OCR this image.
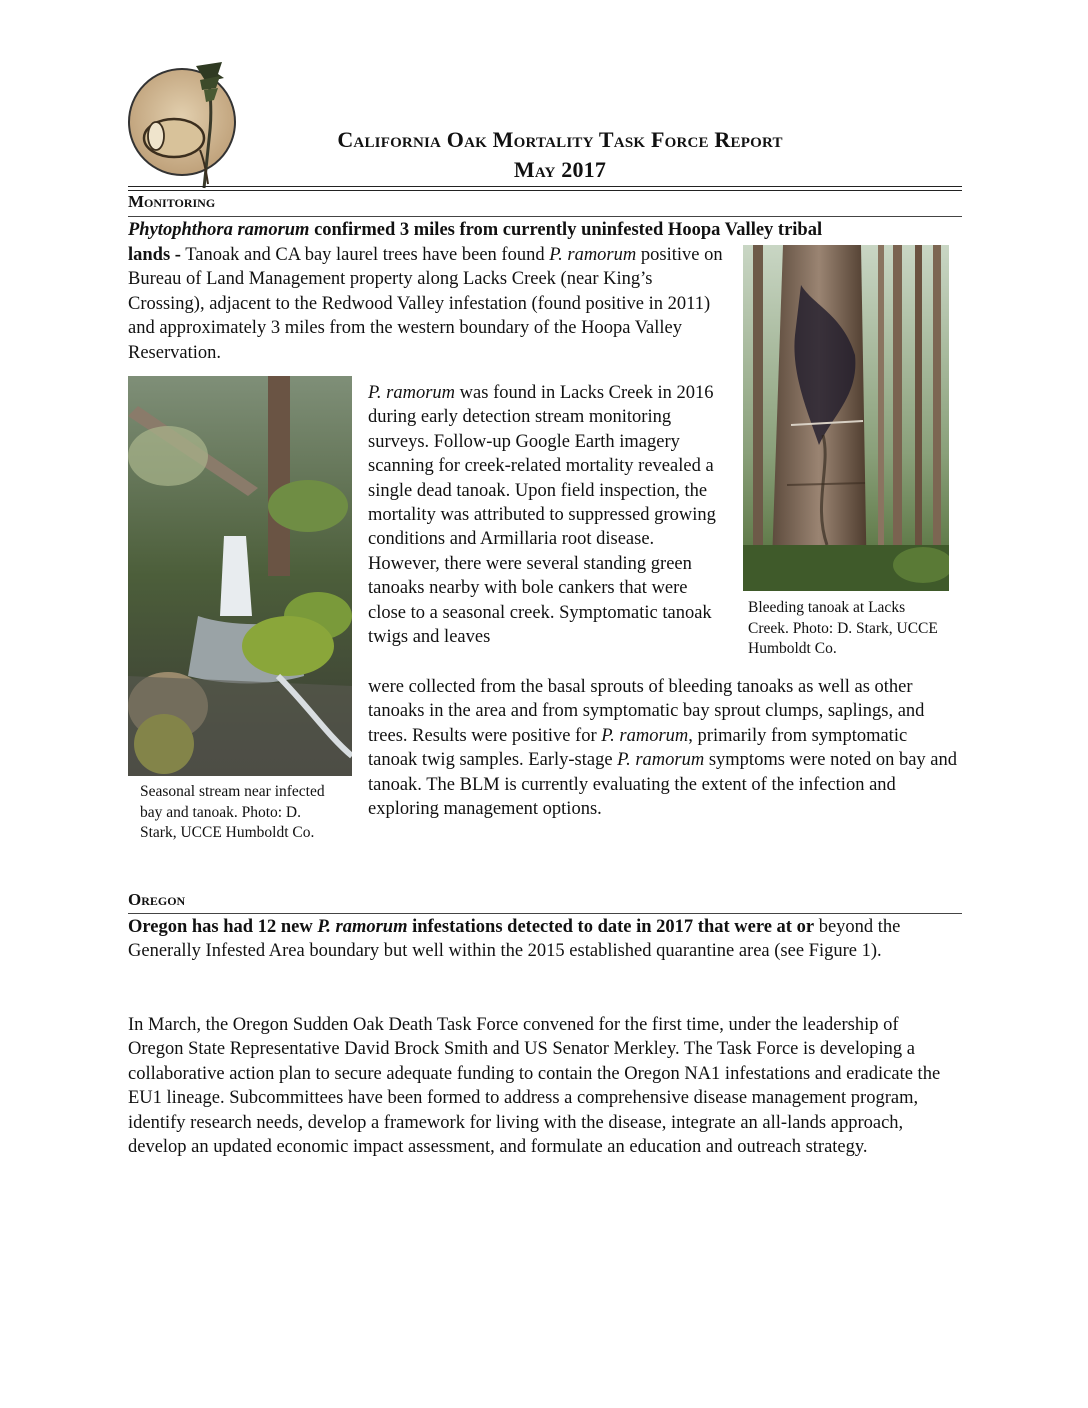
California Oak Mortality Task Force Report
May 2017
Monitoring
Phytophthora ramorum confirmed 3 miles from currently uninfested Hoopa Valley tribal
lands - Tanoak and CA bay laurel trees have been found P. ramorum positive on Bureau of Land Management property along Lacks Creek (near King’s Crossing), adjacent to the Redwood Valley infestation (found positive in 2011) and approximately 3 miles from the western boundary of the Hoopa Valley Reservation.
Bleeding tanoak at Lacks Creek. Photo: D. Stark, UCCE Humboldt Co.
Seasonal stream near infected bay and tanoak. Photo: D. Stark, UCCE Humboldt Co.
P. ramorum was found in Lacks Creek in 2016 during early detection stream monitoring surveys. Follow-up Google Earth imagery scanning for creek-related mortality revealed a single dead tanoak. Upon field inspection, the mortality was attributed to suppressed growing conditions and Armillaria root disease. However, there were several standing green tanoaks nearby with bole cankers that were close to a seasonal creek. Symptomatic tanoak twigs and leaves
were collected from the basal sprouts of bleeding tanoaks as well as other tanoaks in the area and from symptomatic bay sprout clumps, saplings, and trees. Results were positive for P. ramorum, primarily from symptomatic tanoak twig samples. Early-stage P. ramorum symptoms were noted on bay and tanoak. The BLM is currently evaluating the extent of the infection and exploring management options.
Oregon
Oregon has had 12 new P. ramorum infestations detected to date in 2017 that were at or beyond the Generally Infested Area boundary but well within the 2015 established quarantine area (see Figure 1).
In March, the Oregon Sudden Oak Death Task Force convened for the first time, under the leadership of Oregon State Representative David Brock Smith and US Senator Merkley. The Task Force is developing a collaborative action plan to secure adequate funding to contain the Oregon NA1 infestations and eradicate the EU1 lineage. Subcommittees have been formed to address a comprehensive disease management program, identify research needs, develop a framework for living with the disease, integrate an all-lands approach, develop an updated economic impact assessment, and formulate an education and outreach strategy.
